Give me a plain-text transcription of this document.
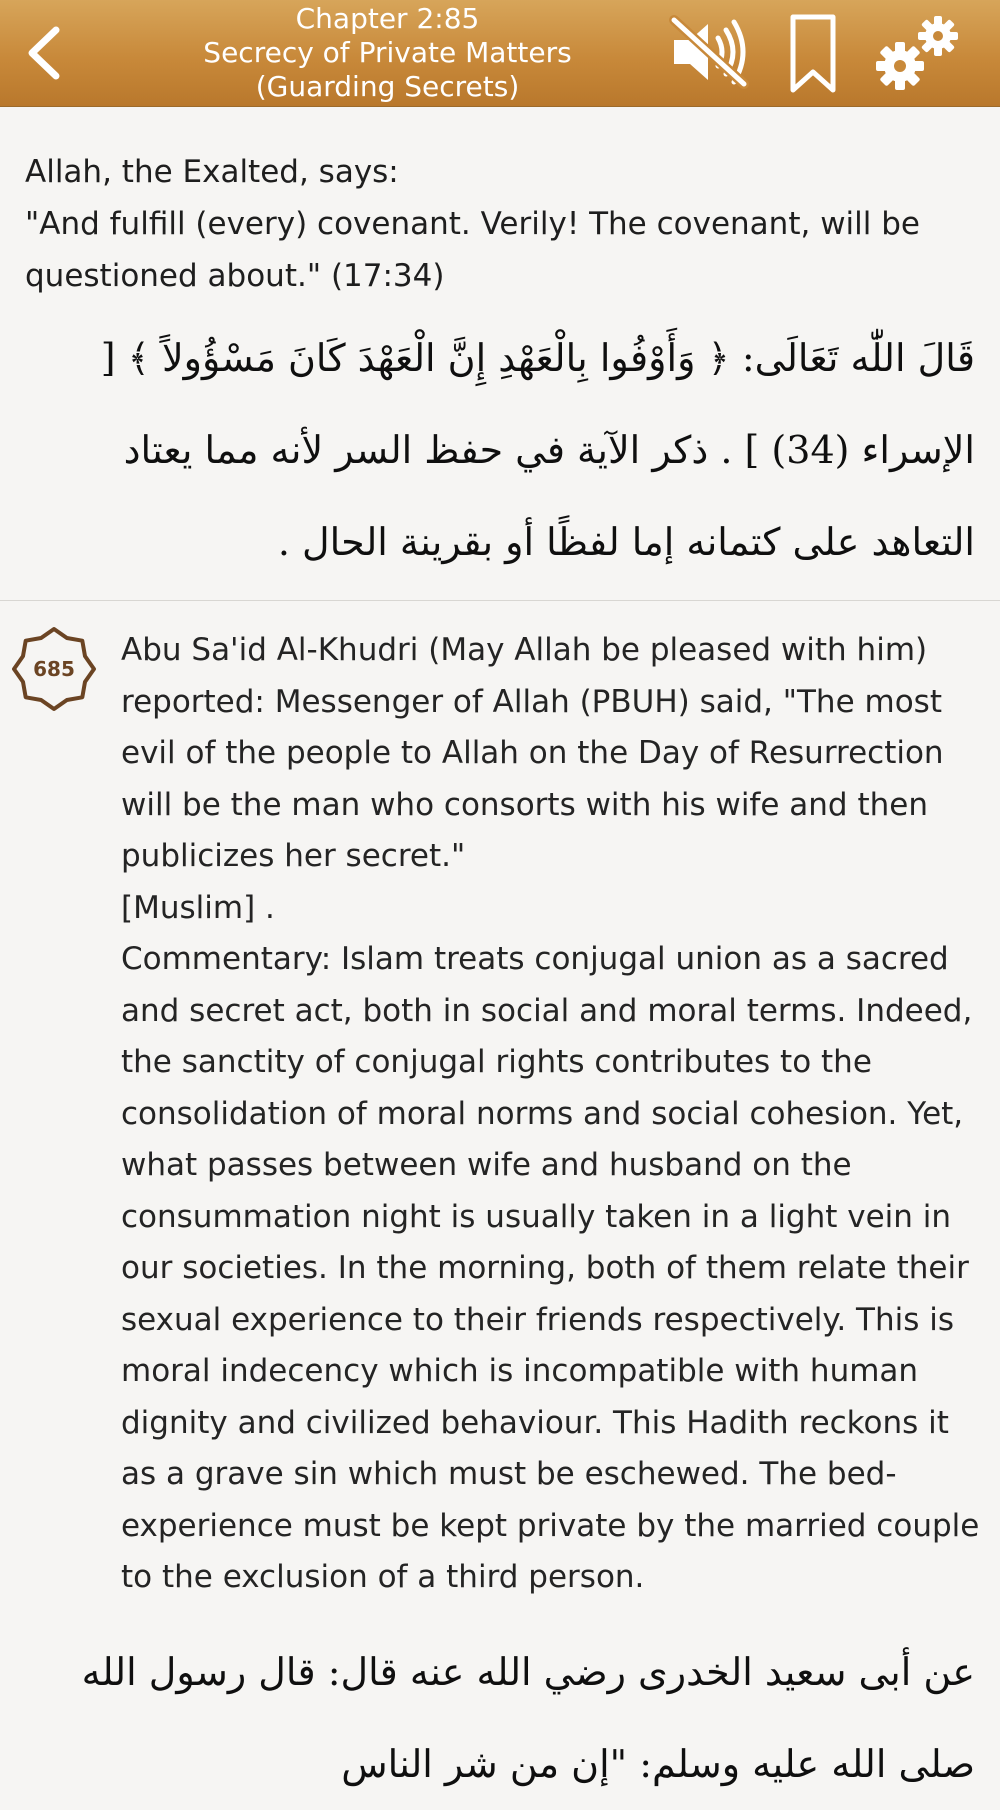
Chapter 2:85
Secrecy of Private Matters
(Guarding Secrets)
Allah, the Exalted, says:
"And fulfill (every) covenant. Verily! The covenant, will be questioned about." (17:34)
قَالَ اللّٰه تَعَالَى: ﴿ وَأَوْفُوا بِالْعَهْدِ إِنَّ الْعَهْدَ كَانَ مَسْؤُولاً ﴾ [ الإسراء (34) ] . ذكر الآية في حفظ السر لأنه مما يعتاد التعاهد على كتمانه إما لفظًا أو بقرينة الحال .
685

Abu Sa'id Al-Khudri (May Allah be pleased with him) reported: Messenger of Allah (PBUH) said, "The most evil of the people to Allah on the Day of Resurrection will be the man who consorts with his wife and then publicizes her secret."

[Muslim] .

Commentary: Islam treats conjugal union as a sacred and secret act, both in social and moral terms. Indeed, the sanctity of conjugal rights contributes to the consolidation of moral norms and social cohesion. Yet, what passes between wife and husband on the consummation night is usually taken in a light vein in our societies. In the morning, both of them relate their sexual experience to their friends respectively. This is moral indecency which is incompatible with human dignity and civilized behaviour. This Hadith reckons it as a grave sin which must be eschewed. The bed-experience must be kept private by the married couple to the exclusion of a third person.

عن أبى سعيد الخدرى رضي الله عنه قال: قال رسول الله صلى الله عليه وسلم: "إن من شر الناس
